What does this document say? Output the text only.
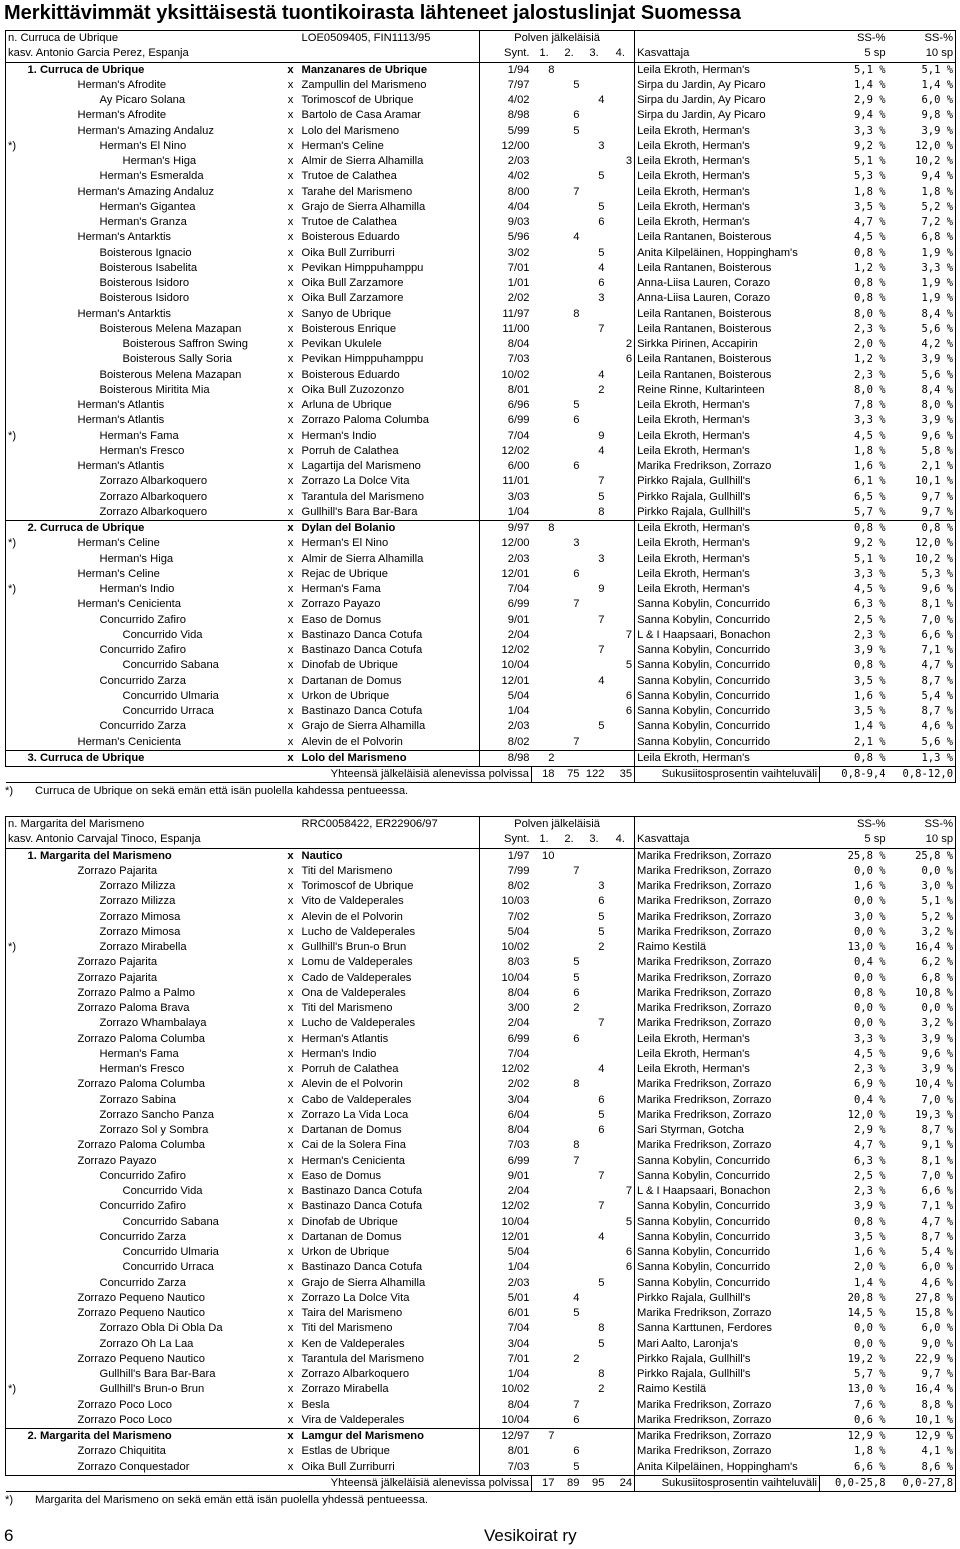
Merkittävimmät yksittäisestä tuontikoirasta lähteneet jalostuslinjat Suomessa
n. Curruca de Ubrique			LOE0509405, FIN1113/95	Polven jälkeläisiä						SS-%	SS-%
kasv. Antonio Garcia Perez, Espanja				Synt.	1.	2.	3.	4.	Kasvattaja	5 sp	10 sp
	1. Curruca de Ubrique	x	Manzanares de Ubrique	1/94	8				Leila Ekroth, Herman's	5,1 %	5,1 %
	Herman's Afrodite	x	Zampullin del Marismeno	7/97		5			Sirpa du Jardin, Ay Picaro	1,4 %	1,4 %
	Ay Picaro Solana	x	Torimoscof de Ubrique	4/02			4		Sirpa du Jardin, Ay Picaro	2,9 %	6,0 %
	Herman's Afrodite	x	Bartolo de Casa Aramar	8/98		6			Sirpa du Jardin, Ay Picaro	9,4 %	9,8 %
	Herman's Amazing Andaluz	x	Lolo del Marismeno	5/99		5			Leila Ekroth, Herman's	3,3 %	3,9 %
*)	Herman's El Nino	x	Herman's Celine	12/00			3		Leila Ekroth, Herman's	9,2 %	12,0 %
	Herman's Higa	x	Almir de Sierra Alhamilla	2/03				3	Leila Ekroth, Herman's	5,1 %	10,2 %
	Herman's Esmeralda	x	Trutoe de Calathea	4/02			5		Leila Ekroth, Herman's	5,3 %	9,4 %
	Herman's Amazing Andaluz	x	Tarahe del Marismeno	8/00		7			Leila Ekroth, Herman's	1,8 %	1,8 %
	Herman's Gigantea	x	Grajo de Sierra Alhamilla	4/04			5		Leila Ekroth, Herman's	3,5 %	5,2 %
	Herman's Granza	x	Trutoe de Calathea	9/03			6		Leila Ekroth, Herman's	4,7 %	7,2 %
	Herman's Antarktis	x	Boisterous Eduardo	5/96		4			Leila Rantanen, Boisterous	4,5 %	6,8 %
	Boisterous Ignacio	x	Oika Bull Zurriburri	3/02			5		Anita Kilpeläinen, Hoppingham's	0,8 %	1,9 %
	Boisterous Isabelita	x	Pevikan Himppuhamppu	7/01			4		Leila Rantanen, Boisterous	1,2 %	3,3 %
	Boisterous Isidoro	x	Oika Bull Zarzamore	1/01			6		Anna-Liisa Lauren, Corazo	0,8 %	1,9 %
	Boisterous Isidoro	x	Oika Bull Zarzamore	2/02			3		Anna-Liisa Lauren, Corazo	0,8 %	1,9 %
	Herman's Antarktis	x	Sanyo de Ubrique	11/97		8			Leila Rantanen, Boisterous	8,0 %	8,4 %
	Boisterous Melena Mazapan	x	Boisterous Enrique	11/00			7		Leila Rantanen, Boisterous	2,3 %	5,6 %
	Boisterous Saffron Swing	x	Pevikan Ukulele	8/04				2	Sirkka Pirinen, Accapirin	2,0 %	4,2 %
	Boisterous Sally Soria	x	Pevikan Himppuhamppu	7/03				6	Leila Rantanen, Boisterous	1,2 %	3,9 %
	Boisterous Melena Mazapan	x	Boisterous Eduardo	10/02			4		Leila Rantanen, Boisterous	2,3 %	5,6 %
	Boisterous Miritita Mia	x	Oika Bull Zuzozonzo	8/01			2		Reine Rinne, Kultarinteen	8,0 %	8,4 %
	Herman's Atlantis	x	Arluna de Ubrique	6/96		5			Leila Ekroth, Herman's	7,8 %	8,0 %
	Herman's Atlantis	x	Zorrazo Paloma Columba	6/99		6			Leila Ekroth, Herman's	3,3 %	3,9 %
*)	Herman's Fama	x	Herman's Indio	7/04			9		Leila Ekroth, Herman's	4,5 %	9,6 %
	Herman's Fresco	x	Porruh de Calathea	12/02			4		Leila Ekroth, Herman's	1,8 %	5,8 %
	Herman's Atlantis	x	Lagartija del Marismeno	6/00		6			Marika Fredrikson, Zorrazo	1,6 %	2,1 %
	Zorrazo Albarkoquero	x	Zorrazo La Dolce Vita	11/01			7		Pirkko Rajala, Gullhill's	6,1 %	10,1 %
	Zorrazo Albarkoquero	x	Tarantula del Marismeno	3/03			5		Pirkko Rajala, Gullhill's	6,5 %	9,7 %
	Zorrazo Albarkoquero	x	Gullhill's Bara Bar-Bara	1/04			8		Pirkko Rajala, Gullhill's	5,7 %	9,7 %
	2. Curruca de Ubrique	x	Dylan del Bolanio	9/97	8				Leila Ekroth, Herman's	0,8 %	0,8 %
*)	Herman's Celine	x	Herman's El Nino	12/00		3			Leila Ekroth, Herman's	9,2 %	12,0 %
	Herman's Higa	x	Almir de Sierra Alhamilla	2/03			3		Leila Ekroth, Herman's	5,1 %	10,2 %
	Herman's Celine	x	Rejac de Ubrique	12/01		6			Leila Ekroth, Herman's	3,3 %	5,3 %
*)	Herman's Indio	x	Herman's Fama	7/04			9		Leila Ekroth, Herman's	4,5 %	9,6 %
	Herman's Cenicienta	x	Zorrazo Payazo	6/99		7			Sanna Kobylin, Concurrido	6,3 %	8,1 %
	Concurrido Zafiro	x	Easo de Domus	9/01			7		Sanna Kobylin, Concurrido	2,5 %	7,0 %
	Concurrido Vida	x	Bastinazo Danca Cotufa	2/04				7	L & I Haapsaari, Bonachon	2,3 %	6,6 %
	Concurrido Zafiro	x	Bastinazo Danca Cotufa	12/02			7		Sanna Kobylin, Concurrido	3,9 %	7,1 %
	Concurrido Sabana	x	Dinofab de Ubrique	10/04				5	Sanna Kobylin, Concurrido	0,8 %	4,7 %
	Concurrido Zarza	x	Dartanan de Domus	12/01			4		Sanna Kobylin, Concurrido	3,5 %	8,7 %
	Concurrido Ulmaria	x	Urkon de Ubrique	5/04				6	Sanna Kobylin, Concurrido	1,6 %	5,4 %
	Concurrido Urraca	x	Bastinazo Danca Cotufa	1/04				6	Sanna Kobylin, Concurrido	3,5 %	8,7 %
	Concurrido Zarza	x	Grajo de Sierra Alhamilla	2/03			5		Sanna Kobylin, Concurrido	1,4 %	4,6 %
	Herman's Cenicienta	x	Alevin de el Polvorin	8/02		7			Sanna Kobylin, Concurrido	2,1 %	5,6 %
	3. Curruca de Ubrique	x	Lolo del Marismeno	8/98	2				Leila Ekroth, Herman's	0,8 %	1,3 %
			Yhteensä jälkeläisiä alenevissa polvissa		18	75	122	35	Sukusiitosprosentin vaihteluväli	0,8-9,4	0,8-12,0
*) Curruca de Ubrique on sekä emän että isän puolella kahdessa pentueessa.
n. Margarita del Marismeno			RRC0058422, ER22906/97	Polven jälkeläisiä						SS-%	SS-%
kasv. Antonio Carvajal Tinoco, Espanja				Synt.	1.	2.	3.	4.	Kasvattaja	5 sp	10 sp
	1. Margarita del Marismeno	x	Nautico	1/97	10				Marika Fredrikson, Zorrazo	25,8 %	25,8 %
	Zorrazo Pajarita	x	Titi del Marismeno	7/99		7			Marika Fredrikson, Zorrazo	0,0 %	0,0 %
	Zorrazo Milizza	x	Torimoscof de Ubrique	8/02			3		Marika Fredrikson, Zorrazo	1,6 %	3,0 %
	Zorrazo Milizza	x	Vito de Valdeperales	10/03			6		Marika Fredrikson, Zorrazo	0,0 %	5,1 %
	Zorrazo Mimosa	x	Alevin de el Polvorin	7/02			5		Marika Fredrikson, Zorrazo	3,0 %	5,2 %
	Zorrazo Mimosa	x	Lucho de Valdeperales	5/04			5		Marika Fredrikson, Zorrazo	0,0 %	3,2 %
*)	Zorrazo Mirabella	x	Gullhill's Brun-o Brun	10/02			2		Raimo Kestilä	13,0 %	16,4 %
	Zorrazo Pajarita	x	Lomu de Valdeperales	8/03		5			Marika Fredrikson, Zorrazo	0,4 %	6,2 %
	Zorrazo Pajarita	x	Cado de Valdeperales	10/04		5			Marika Fredrikson, Zorrazo	0,0 %	6,8 %
	Zorrazo Palmo a Palmo	x	Ona de Valdeperales	8/04		6			Marika Fredrikson, Zorrazo	0,8 %	10,8 %
	Zorrazo Paloma Brava	x	Titi del Marismeno	3/00		2			Marika Fredrikson, Zorrazo	0,0 %	0,0 %
	Zorrazo Whambalaya	x	Lucho de Valdeperales	2/04			7		Marika Fredrikson, Zorrazo	0,0 %	3,2 %
	Zorrazo Paloma Columba	x	Herman's Atlantis	6/99		6			Leila Ekroth, Herman's	3,3 %	3,9 %
	Herman's Fama	x	Herman's Indio	7/04					Leila Ekroth, Herman's	4,5 %	9,6 %
	Herman's Fresco	x	Porruh de Calathea	12/02			4		Leila Ekroth, Herman's	2,3 %	3,9 %
	Zorrazo Paloma Columba	x	Alevin de el Polvorin	2/02		8			Marika Fredrikson, Zorrazo	6,9 %	10,4 %
	Zorrazo Sabina	x	Cabo de Valdeperales	3/04			6		Marika Fredrikson, Zorrazo	0,4 %	7,0 %
	Zorrazo Sancho Panza	x	Zorrazo La Vida Loca	6/04			5		Marika Fredrikson, Zorrazo	12,0 %	19,3 %
	Zorrazo Sol y Sombra	x	Dartanan de Domus	8/04			6		Sari Styrman, Gotcha	2,9 %	8,7 %
	Zorrazo Paloma Columba	x	Cai de la Solera Fina	7/03		8			Marika Fredrikson, Zorrazo	4,7 %	9,1 %
	Zorrazo Payazo	x	Herman's Cenicienta	6/99		7			Sanna Kobylin, Concurrido	6,3 %	8,1 %
	Concurrido Zafiro	x	Easo de Domus	9/01			7		Sanna Kobylin, Concurrido	2,5 %	7,0 %
	Concurrido Vida	x	Bastinazo Danca Cotufa	2/04				7	L & I Haapsaari, Bonachon	2,3 %	6,6 %
	Concurrido Zafiro	x	Bastinazo Danca Cotufa	12/02			7		Sanna Kobylin, Concurrido	3,9 %	7,1 %
	Concurrido Sabana	x	Dinofab de Ubrique	10/04				5	Sanna Kobylin, Concurrido	0,8 %	4,7 %
	Concurrido Zarza	x	Dartanan de Domus	12/01			4		Sanna Kobylin, Concurrido	3,5 %	8,7 %
	Concurrido Ulmaria	x	Urkon de Ubrique	5/04				6	Sanna Kobylin, Concurrido	1,6 %	5,4 %
	Concurrido Urraca	x	Bastinazo Danca Cotufa	1/04				6	Sanna Kobylin, Concurrido	2,0 %	6,0 %
	Concurrido Zarza	x	Grajo de Sierra Alhamilla	2/03			5		Sanna Kobylin, Concurrido	1,4 %	4,6 %
	Zorrazo Pequeno Nautico	x	Zorrazo La Dolce Vita	5/01		4			Pirkko Rajala, Gullhill's	20,8 %	27,8 %
	Zorrazo Pequeno Nautico	x	Taira del Marismeno	6/01		5			Marika Fredrikson, Zorrazo	14,5 %	15,8 %
	Zorrazo Obla Di Obla Da	x	Titi del Marismeno	7/04			8		Sanna Karttunen, Ferdores	0,0 %	6,0 %
	Zorrazo Oh La Laa	x	Ken de Valdeperales	3/04			5		Mari Aalto, Laronja's	0,0 %	9,0 %
	Zorrazo Pequeno Nautico	x	Tarantula del Marismeno	7/01		2			Pirkko Rajala, Gullhill's	19,2 %	22,9 %
	Gullhill's Bara Bar-Bara	x	Zorrazo Albarkoquero	1/04			8		Pirkko Rajala, Gullhill's	5,7 %	9,7 %
*)	Gullhill's Brun-o Brun	x	Zorrazo Mirabella	10/02			2		Raimo Kestilä	13,0 %	16,4 %
	Zorrazo Poco Loco	x	Besla	8/04		7			Marika Fredrikson, Zorrazo	7,6 %	8,8 %
	Zorrazo Poco Loco	x	Vira de Valdeperales	10/04		6			Marika Fredrikson, Zorrazo	0,6 %	10,1 %
	2. Margarita del Marismeno	x	Lamgur del Marismeno	12/97	7				Marika Fredrikson, Zorrazo	12,9 %	12,9 %
	Zorrazo Chiquitita	x	Estlas de Ubrique	8/01		6			Marika Fredrikson, Zorrazo	1,8 %	4,1 %
	Zorrazo Conquestador	x	Oika Bull Zurriburri	7/03		5			Anita Kilpeläinen, Hoppingham's	6,6 %	8,6 %
			Yhteensä jälkeläisiä alenevissa polvissa		17	89	95	24	Sukusiitosprosentin vaihteluväli	0,0-25,8	0,0-27,8
*) Margarita del Marismeno on sekä emän että isän puolella yhdessä pentueessa.
6	Vesikoirat ry
